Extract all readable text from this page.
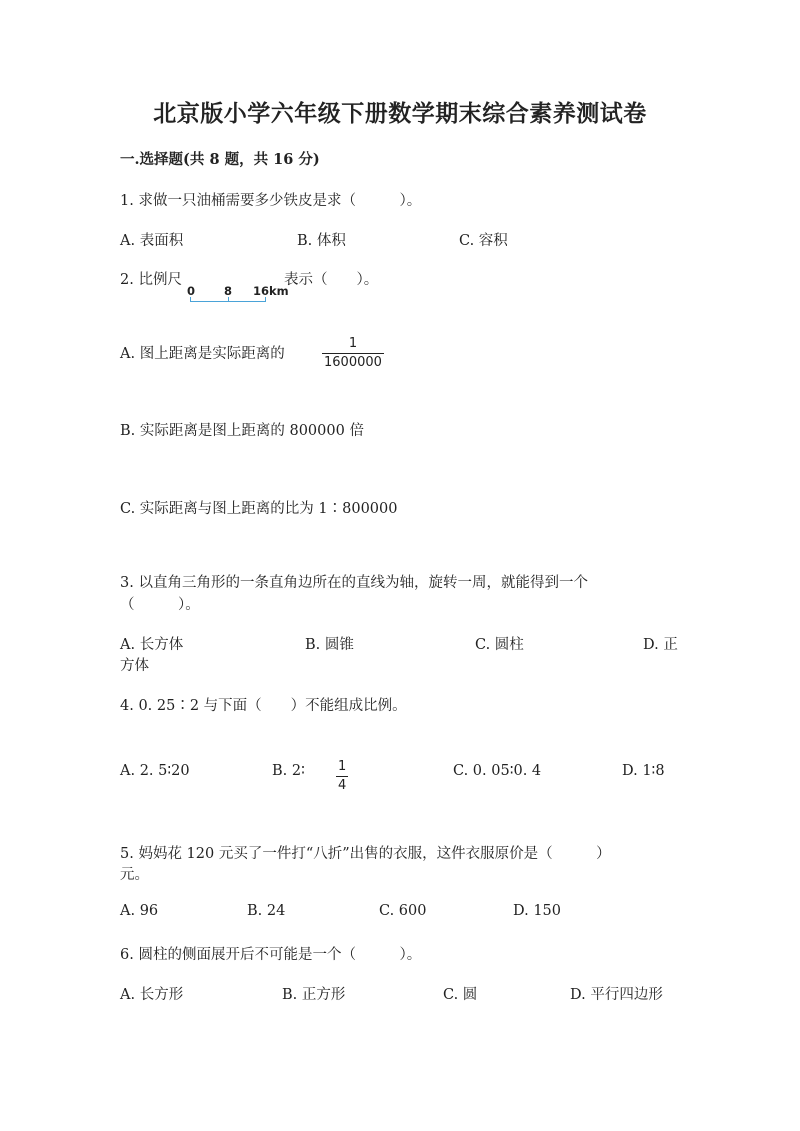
北京版小学六年级下册数学期末综合素养测试卷
一.选择题(共 8 题，共 16 分)
1. 求做一只油桶需要多少铁皮是求（　　　）。
A. 表面积	B. 体积	C. 容积
2. 比例尺
0	8 16km
表示（　　）。
A. 图上距离是实际距离的	$\frac{1}{1600000}$
B. 实际距离是图上距离的 800000 倍
C. 实际距离与图上距离的比为 1∶800000
3. 以直角三角形的一条直角边所在的直线为轴，旋转一周，就能得到一个
（　　　）。
A. 长方体	B. 圆锥	C. 圆柱	D. 正
方体
4. 0. 25∶2 与下面（　　）不能组成比例。
A. 2. 5∶20	B. 2∶ $\frac{1}{4}$	C. 0. 05∶0. 4	D. 1∶8
5. 妈妈花 120 元买了一件打“八折”出售的衣服，这件衣服原价是（　　　）
元。
A. 96	B. 24	C. 600	D. 150
6. 圆柱的侧面展开后不可能是一个（　　　）。
A. 长方形	B. 正方形	C. 圆	D. 平行四边形
